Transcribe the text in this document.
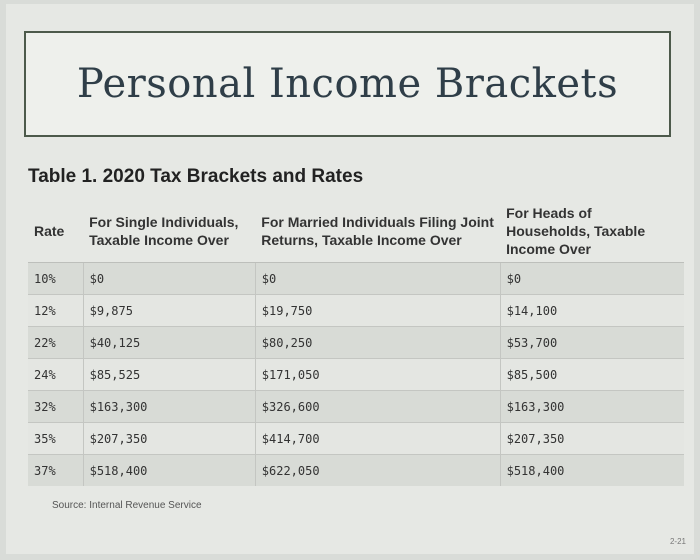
Personal Income Brackets
Table 1. 2020 Tax Brackets and Rates
Rate	For Single Individuals, Taxable Income Over	For Married Individuals Filing Joint Returns, Taxable Income Over	For Heads of Households, Taxable Income Over
10%	$0	$0	$0
12%	$9,875	$19,750	$14,100
22%	$40,125	$80,250	$53,700
24%	$85,525	$171,050	$85,500
32%	$163,300	$326,600	$163,300
35%	$207,350	$414,700	$207,350
37%	$518,400	$622,050	$518,400
Source: Internal Revenue Service
2-21
